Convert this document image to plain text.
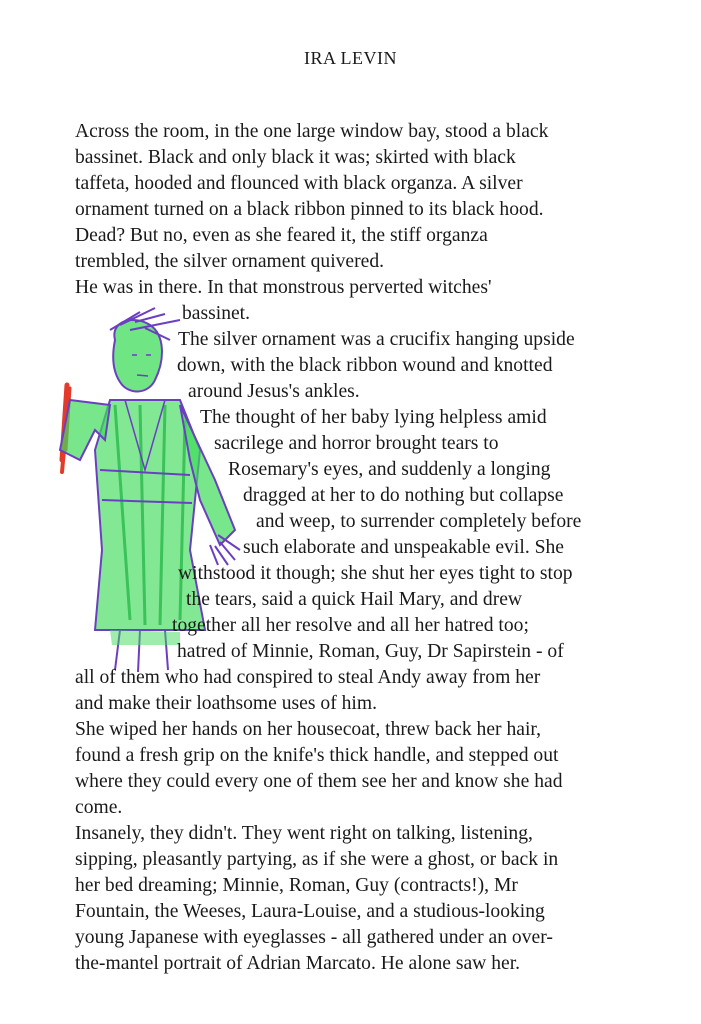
IRA LEVIN
Across the room, in the one large window bay, stood a black
bassinet. Black and only black it was; skirted with black
taffeta, hooded and flounced with black organza. A silver
ornament turned on a black ribbon pinned to its black hood.
Dead? But no, even as she feared it, the stiff organza
trembled, the silver ornament quivered.
He was in there. In that monstrous perverted witches'
bassinet.
The silver ornament was a crucifix hanging upside
down, with the black ribbon wound and knotted
around Jesus's ankles.
The thought of her baby lying helpless amid
sacrilege and horror brought tears to
Rosemary's eyes, and suddenly a longing
dragged at her to do nothing but collapse
and weep, to surrender completely before
such elaborate and unspeakable evil. She
withstood it though; she shut her eyes tight to stop
the tears, said a quick Hail Mary, and drew
together all her resolve and all her hatred too;
hatred of Minnie, Roman, Guy, Dr Sapirstein - of
all of them who had conspired to steal Andy away from her
and make their loathsome uses of him.
She wiped her hands on her housecoat, threw back her hair,
found a fresh grip on the knife's thick handle, and stepped out
where they could every one of them see her and know she had
come.
Insanely, they didn't. They went right on talking, listening,
sipping, pleasantly partying, as if she were a ghost, or back in
her bed dreaming; Minnie, Roman, Guy (contracts!), Mr
Fountain, the Weeses, Laura-Louise, and a studious-looking
young Japanese with eyeglasses - all gathered under an over-
the-mantel portrait of Adrian Marcato. He alone saw her.
